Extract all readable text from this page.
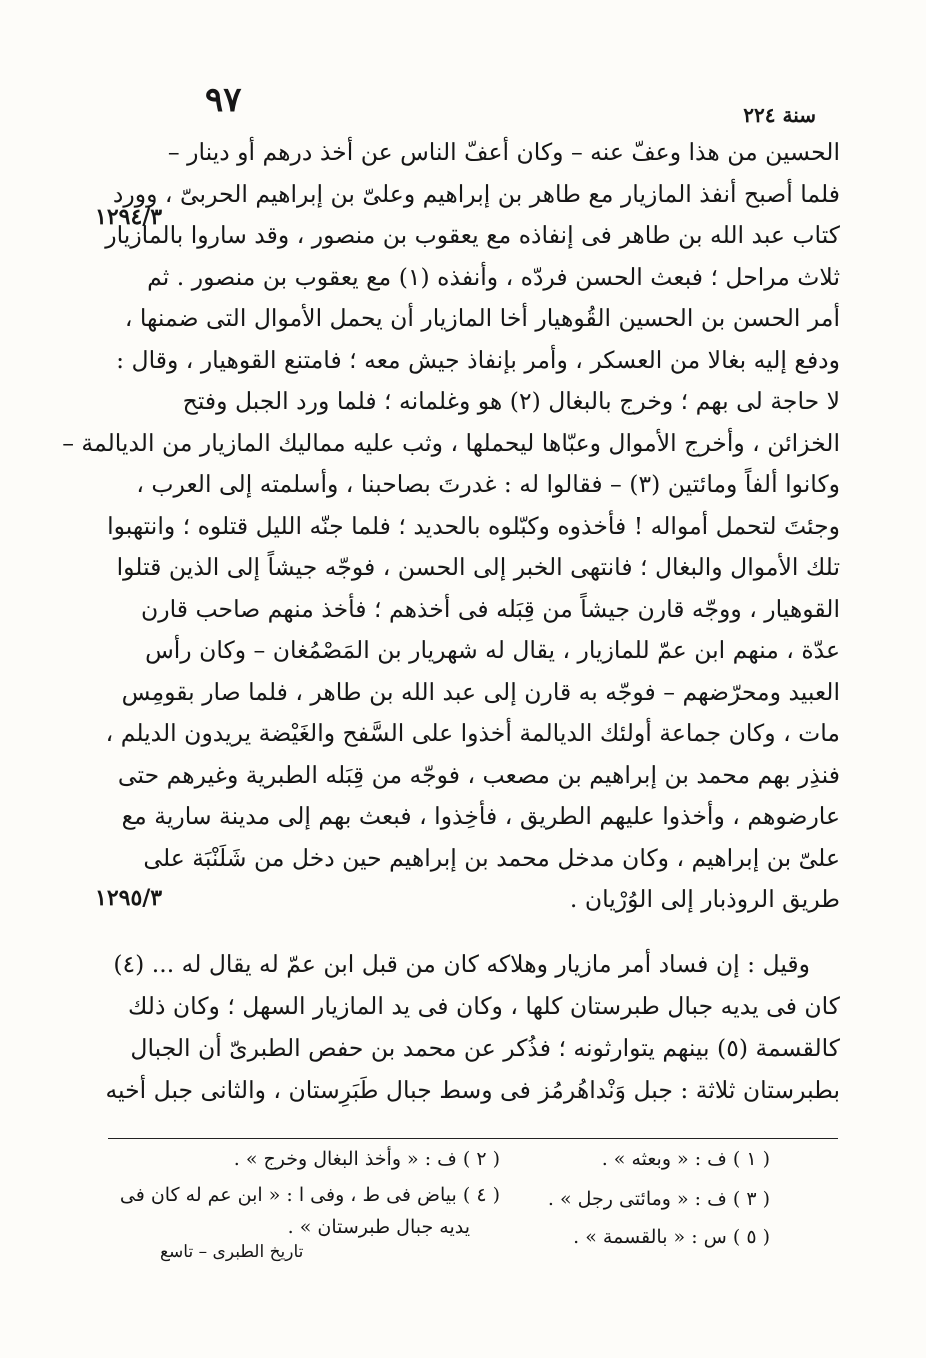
٩٧	سنة ٢٢٤
١٢٩٤/٣
١٢٩٥/٣
الحسين من هذا وعفّ عنه – وكان أعفّ الناس عن أخذ درهم أو دينار –
فلما أصبح أنفذ المازيار مع طاهر بن إبراهيم وعلىّ بن إبراهيم الحربىّ ، وورد
كتاب عبد الله بن طاهر فى إنفاذه مع يعقوب بن منصور ، وقد ساروا بالمازيار
ثلاث مراحل ؛ فبعث الحسن فردّه ، وأنفذه (١) مع يعقوب بن منصور . ثم
أمر الحسن بن الحسين القُوهيار أخا المازيار أن يحمل الأموال التى ضمنها ،
ودفع إليه بغالا من العسكر ، وأمر بإنفاذ جيش معه ؛ فامتنع القوهيار ، وقال :
لا حاجة لى بهم ؛ وخرج بالبغال (٢) هو وغلمانه ؛ فلما ورد الجبل وفتح
الخزائن ، وأخرج الأموال وعبّاها ليحملها ، وثب عليه مماليك المازيار من الديالمة –
وكانوا ألفاً ومائتين (٣) – فقالوا له : غدرتَ بصاحبنا ، وأسلمته إلى العرب ،
وجئتَ لتحمل أمواله ! فأخذوه وكبّلوه بالحديد ؛ فلما جنّه الليل قتلوه ؛ وانتهبوا
تلك الأموال والبغال ؛ فانتهى الخبر إلى الحسن ، فوجّه جيشاً إلى الذين قتلوا
القوهيار ، ووجّه قارن جيشاً من قِبَله فى أخذهم ؛ فأخذ منهم صاحب قارن
عدّة ، منهم ابن عمّ للمازيار ، يقال له شهريار بن المَصْمُغان – وكان رأس
العبيد ومحرّضهم – فوجّه به قارن إلى عبد الله بن طاهر ، فلما صار بقومِس
مات ، وكان جماعة أولئك الديالمة أخذوا على السَّفح والغَيْضة يريدون الديلم ،
فنذِر بهم محمد بن إبراهيم بن مصعب ، فوجّه من قِبَله الطبرية وغيرهم حتى
عارضوهم ، وأخذوا عليهم الطريق ، فأخِذوا ، فبعث بهم إلى مدينة سارية مع
علىّ بن إبراهيم ، وكان مدخل محمد بن إبراهيم حين دخل من شَلَنْبَة على
طريق الروذبار إلى الوُرْيان .
وقيل : إن فساد أمر مازيار وهلاكه كان من قبل ابن عمّ له يقال له ... (٤)
كان فى يديه جبال طبرستان كلها ، وكان فى يد المازيار السهل ؛ وكان ذلك
كالقسمة (٥) بينهم يتوارثونه ؛ فذُكر عن محمد بن حفص الطبرىّ أن الجبال
بطبرستان ثلاثة : جبل وَنْداهُرمُز فى وسط جبال طَبَرِستان ، والثانى جبل أخيه
( ١ ) ف : « وبعثه » .
( ٢ ) ف : « وأخذ البغال وخرج » .
( ٣ ) ف : « ومائتى رجل » .
( ٤ ) بياض فى ط ، وفى ا : « ابن عم له كان فى
يديه جبال طبرستان » .	( ٥ ) س : « بالقسمة » .
تاريخ الطبرى – تاسع
